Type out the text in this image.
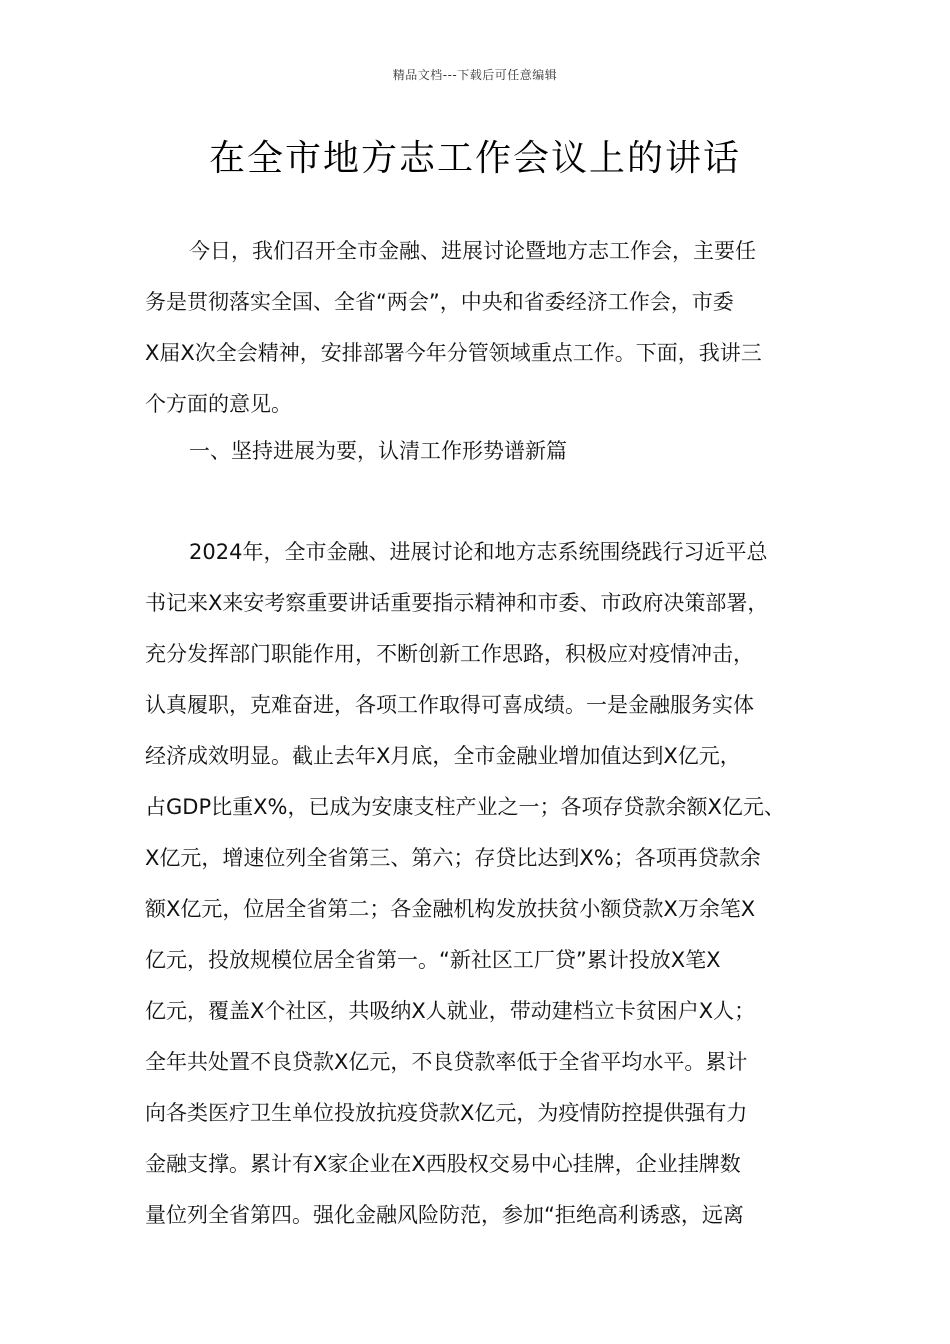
精品文档---下载后可任意编辑
在全市地方志工作会议上的讲话
今日，我们召开全市金融、进展讨论暨地方志工作会，主要任
务是贯彻落实全国、全省“两会”，中央和省委经济工作会，市委
X届X次全会精神，安排部署今年分管领域重点工作。下面，我讲三
个方面的意见。
一、坚持进展为要，认清工作形势谱新篇
2024年，全市金融、进展讨论和地方志系统围绕践行习近平总
书记来X来安考察重要讲话重要指示精神和市委、市政府决策部署，
充分发挥部门职能作用，不断创新工作思路，积极应对疫情冲击，
认真履职，克难奋进，各项工作取得可喜成绩。一是金融服务实体
经济成效明显。截止去年X月底，全市金融业增加值达到X亿元，
占GDP比重X%，已成为安康支柱产业之一；各项存贷款余额X亿元、
X亿元，增速位列全省第三、第六；存贷比达到X%；各项再贷款余
额X亿元，位居全省第二；各金融机构发放扶贫小额贷款X万余笔X
亿元，投放规模位居全省第一。“新社区工厂贷”累计投放X笔X
亿元，覆盖X个社区，共吸纳X人就业，带动建档立卡贫困户X人；
全年共处置不良贷款X亿元，不良贷款率低于全省平均水平。累计
向各类医疗卫生单位投放抗疫贷款X亿元，为疫情防控提供强有力
金融支撑。累计有X家企业在X西股权交易中心挂牌，企业挂牌数
量位列全省第四。强化金融风险防范，参加“拒绝高利诱惑，远离
